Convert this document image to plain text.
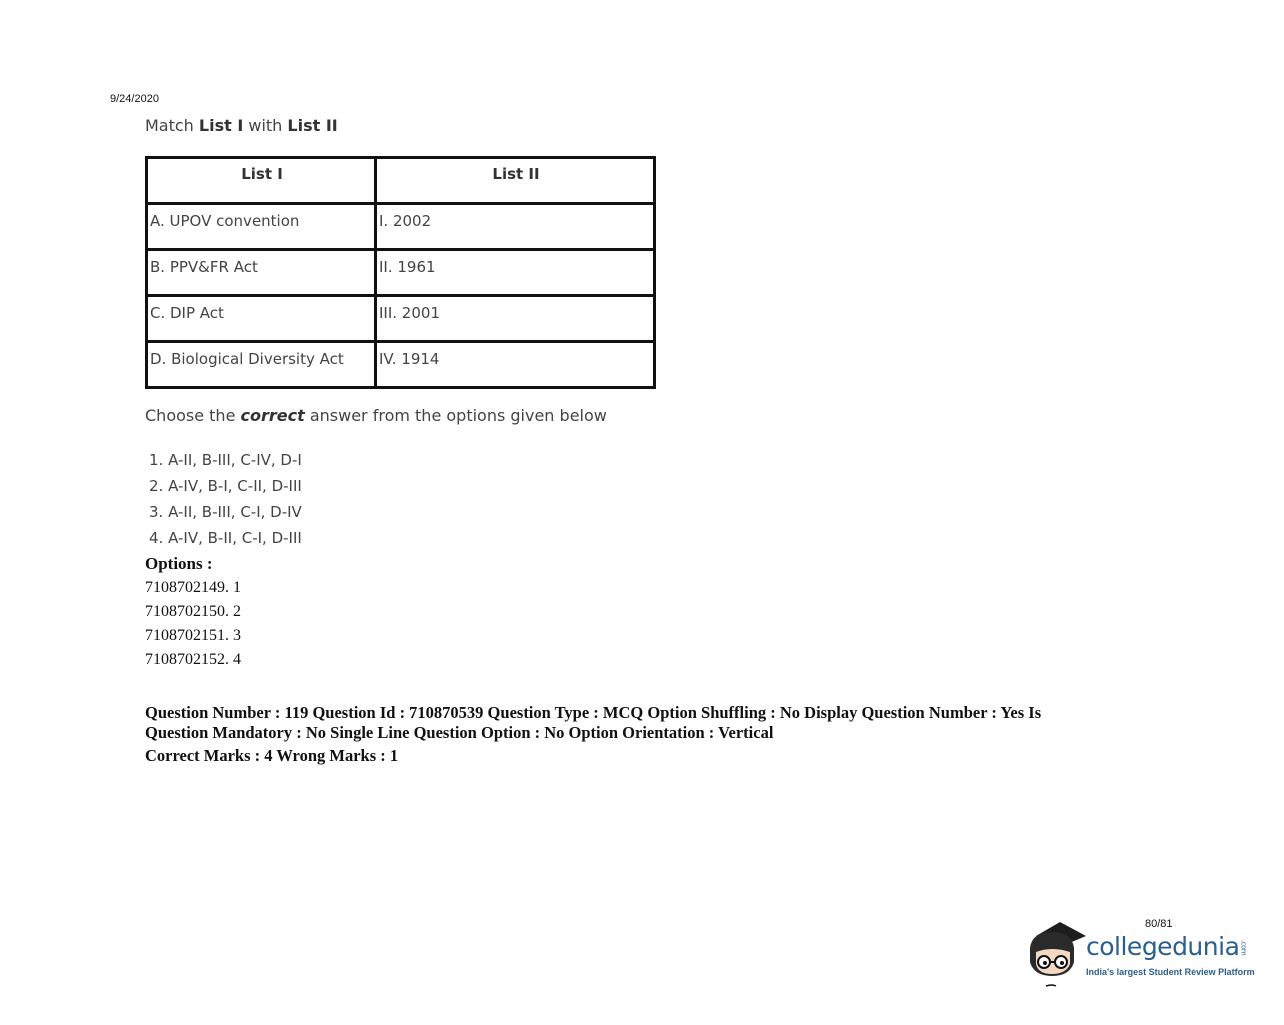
9/24/2020
Match List I with List II
List I	List II
A. UPOV convention	I. 2002
B. PPV&FR Act	II. 1961
C. DIP Act	III. 2001
D. Biological Diversity Act	IV. 1914
Choose the correct answer from the options given below
1. A-II, B-III, C-IV, D-I
2. A-IV, B-I, C-II, D-III
3. A-II, B-III, C-I, D-IV
4. A-IV, B-II, C-I, D-III
Options :
7108702149. 1
7108702150. 2
7108702151. 3
7108702152. 4
Question Number : 119 Question Id : 710870539 Question Type : MCQ Option Shuffling : No Display Question Number : Yes Is Question Mandatory : No Single Line Question Option : No Option Orientation : Vertical
Correct Marks : 4 Wrong Marks : 1
80/81
collegedunia.com
India's largest Student Review Platform
